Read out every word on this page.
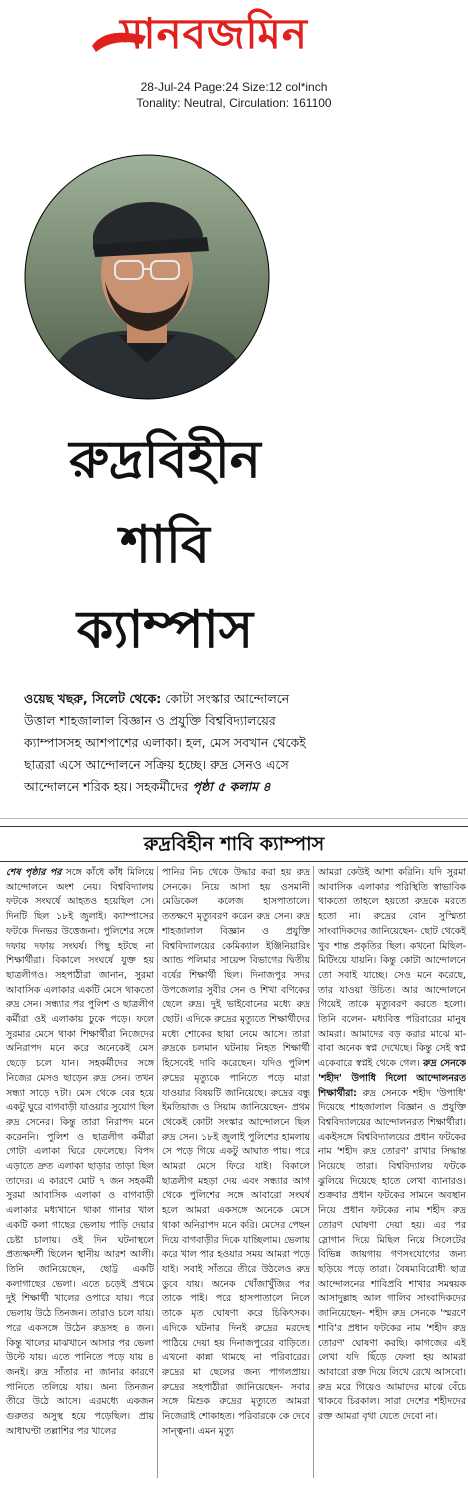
মানবজমিন
28-Jul-24 Page:24 Size:12 col*inch
Tonality: Neutral, Circulation: 161100
রুদ্রবিহীন
শাবি
ক্যাম্পাস
ওয়েছ খছরু, সিলেট থেকে: কোটা সংস্কার আন্দোলনে উত্তাল শাহজালাল বিজ্ঞান ও প্রযুক্তি বিশ্ববিদ্যালয়ের ক্যাম্পাসসহ আশপাশের এলাকা। হল, মেস সবখান থেকেই ছাত্ররা এসে আন্দোলনে সক্রিয় হচ্ছে। রুদ্র সেনও এসে আন্দোলনে শরিক হয়। সহকর্মীদের পৃষ্ঠা ৫ কলাম ৪
রুদ্রবিহীন শাবি ক্যাম্পাস
শেষ পৃষ্ঠার পর সঙ্গে কাঁধে কাঁধ মিলিয়ে আন্দোলনে অংশ নেয়। বিশ্ববিদ্যালয় ফটকে সংঘর্ষে আহতও হয়েছিল সে। দিনটি ছিল ১৮ই জুলাই। ক্যাম্পাসের ফটকে দিনভর উত্তেজনা। পুলিশের সঙ্গে দফায় দফায় সংঘর্ষ। পিছু হটছে না শিক্ষার্থীরা। বিকালে সংঘর্ষে যুক্ত হয় ছাত্রলীগও। সহপাঠীরা জানান, সুরমা আবাসিক এলাকার একটি মেসে থাকতো রুদ্র সেন। সন্ধ্যার পর পুলিশ ও ছাত্রলীগ কর্মীরা ওই এলাকায় ঢুকে পড়ে। ফলে সুরমার মেসে থাকা শিক্ষার্থীরা নিজেদের অনিরাপদ মনে করে অনেকেই মেস ছেড়ে চলে যান। সহকর্মীদের সঙ্গে নিজের মেসও ছাড়েন রুদ্র সেন। তখন সন্ধ্যা সাড়ে ৭টা। মেস থেকে বের হয়ে একটু ঘুরে বাগবাড়ী যাওয়ার সুযোগ ছিল রুদ্র সেনের। কিন্তু তারা নিরাপদ মনে করেননি। পুলিশ ও ছাত্রলীগ কর্মীরা গোটা এলাকা ঘিরে ফেলেছে। বিপদ এড়াতে দ্রুত এলাকা ছাড়ার তাড়া ছিল তাদের। এ কারণে মোট ৭ জন সহকর্মী সুরমা আবাসিক এলাকা ও বাগবাড়ী এলাকার মধ্যখানে থাকা গানার খাল একটি কলা গাছের ভেলায় পাড়ি দেয়ার চেষ্টা চালায়। ওই দিন ঘটনাস্থলে প্রত্যক্ষদর্শী ছিলেন স্থানীয় আরশ আলী। তিনি জানিয়েছেন, ছোট্ট একটি কলাগাছের ভেলা। এতে চড়েই প্রথমে দুই শিক্ষার্থী খালের ওপারে যায়। পরে ভেলায় উঠে তিনজন। তারাও চলে যায়। পরে একসঙ্গে উঠেন রুদ্রসহ ৪ জন। কিন্তু খালের মাঝখানে আসার পর ভেলা উল্টে যায়। এতে পানিতে পড়ে যায় ৪ জনই। রুদ্র সাঁতার না জানার কারণে পানিতে তলিয়ে যায়। অন্য তিনজন তীরে উঠে আসে। এরমধ্যে একজন গুরুতর অসুস্থ হয়ে পড়েছিল। প্রায় আধাঘণ্টা তল্লাশির পর খালের
পানির নিচ থেকে উদ্ধার করা হয় রুদ্র সেনকে। নিয়ে আসা হয় ওসমানী মেডিকেল কলেজ হাসপাতালে। ততক্ষণে মৃত্যুবরণ করেন রুদ্র সেন। রুদ্র শাহজালাল বিজ্ঞান ও প্রযুক্তি বিশ্ববিদ্যালয়ের কেমিক্যাল ইঞ্জিনিয়ারিং অ্যান্ড পলিমার সায়েন্স বিভাগের দ্বিতীয় বর্ষের শিক্ষার্থী ছিল। দিনাজপুর সদর উপজেলার সুবীর সেন ও শিখা বণিকের ছেলে রুদ্র। দুই ভাইবোনের মধ্যে রুদ্র ছোট। এদিকে রুদ্রের মৃত্যুতে শিক্ষার্থীদের মধ্যে শোকের ছায়া নেমে আসে। তারা রুদ্রকে চলমান ঘটনায় নিহত শিক্ষার্থী হিসেবেই দাবি করেছেন। যদিও পুলিশ রুদ্রের মৃত্যুকে পানিতে পড়ে মারা যাওয়ার বিষয়টি জানিয়েছে। রুদ্রের বন্ধু ইমতিয়াজ ও সিয়াম জানিয়েছেন- প্রথম থেকেই কোটা সংস্কার আন্দোলনে ছিল রুদ্র সেন। ১৮ই জুলাই পুলিশের হামলায় সে পড়ে গিয়ে একটু আঘাত পায়। পরে আমরা মেসে ফিরে যাই। বিকালে ছাত্রলীগ মহড়া দেয় এবং সন্ধ্যার আগ থেকে পুলিশের সঙ্গে আবারো সংঘর্ষ হলে আমরা একসঙ্গে অনেকে মেসে থাকা অনিরাপদ মনে করি। মেসের পেছন দিয়ে বাগবাড়ীর দিকে যাচ্ছিলাম। ভেলায় করে খাল পার হওয়ার সময় আমরা পড়ে যাই। সবাই সাঁতরে তীরে উঠলেও রুদ্র ডুবে যায়। অনেক খোঁজাখুঁজির পর তাকে পাই। পরে হাসপাতালে নিলে তাকে মৃত ঘোষণা করে চিকিৎসক। এদিকে ঘটনার দিনই রুদ্রের মরদেহ পাঠিয়ে দেয়া হয় দিনাজপুরের বাড়িতে। এখনো কান্না থামছে না পরিবারের। রুদ্রের মা ছেলের জন্য পাগলপ্রায়। রুদ্রের সহপাঠীরা জানিয়েছেন- সবার সঙ্গে মিশুক রুদ্রের মৃত্যুতে আমরা নিজেরাই শোকাহত। পরিবারকে কে দেবে সান্ত্বনা। এমন মৃত্যু
আমরা কেউই আশা করিনি। যদি সুরমা আবাসিক এলাকার পরিস্থিতি স্বাভাবিক থাকতো তাহলে হয়তো রুদ্রকে মরতে হতো না। রুদ্রের বোন সুস্মিতা সাংবাদিকদের জানিয়েছেন- ছোট থেকেই খুব শান্ত প্রকৃতির ছিল। কখনো মিছিল-মিটিংয়ে যায়নি। কিন্তু কোটা আন্দোলনে তো সবাই যাচ্ছে। সেও মনে করেছে, তার যাওয়া উচিত। আর আন্দোলনে গিয়েই তাকে মৃত্যুবরণ করতে হলো। তিনি বলেন- মধ্যবিত্ত পরিবারের মানুষ আমরা। আমাদের বড় করার মাঝে মা-বাবা অনেক স্বপ্ন দেখেছে। কিন্তু সেই স্বপ্ন একেবারে স্বপ্নই থেকে গেল। রুদ্র সেনকে 'শহীদ' উপাধি দিলো আন্দোলনরত শিক্ষার্থীরা: রুদ্র সেনকে শহীদ 'উপাধি' দিয়েছে শাহজালাল বিজ্ঞান ও প্রযুক্তি বিশ্ববিদ্যালয়ের আন্দোলনরত শিক্ষার্থীরা। একইসঙ্গে বিশ্ববিদ্যালয়ের প্রধান ফটকের নাম 'শহীদ রুদ্র তোরণ' রাখার সিদ্ধান্ত নিয়েছে তারা। বিশ্ববিদ্যালয় ফটকে ঝুলিয়ে দিয়েছে হাতে লেখা ব্যানারও। শুক্রবার প্রধান ফটকের সামনে অবস্থান নিয়ে প্রধান ফটকের নাম শহীদ রুদ্র তোরণ ঘোষণা দেয়া হয়। এর পর স্লোগান দিয়ে মিছিল নিয়ে সিলেটের বিভিন্ন জায়গায় গণসংযোগের জন্য ছড়িয়ে পড়ে তারা। বৈষম্যবিরোধী ছাত্র আন্দোলনের শাবিপ্রবি শাখার সমন্বয়ক আসাদুল্লাহ আল গালিব সাংবাদিকদের জানিয়েছেন- শহীদ রুদ্র সেনকে 'স্মরণে শাবি'র প্রধান ফটকের নাম 'শহীদ রুদ্র তোরণ' ঘোষণা করছি। কাগজের এই লেখা যদি ছিঁড়ে ফেলা হয় আমরা আবারো রক্ত দিয়ে লিখে রেখে আসবো। রুদ্র মরে গিয়েও আমাদের মাঝে বেঁচে থাকবে চিরকাল। সারা দেশের শহীদদের রক্ত আমরা বৃথা যেতে দেবো না।
